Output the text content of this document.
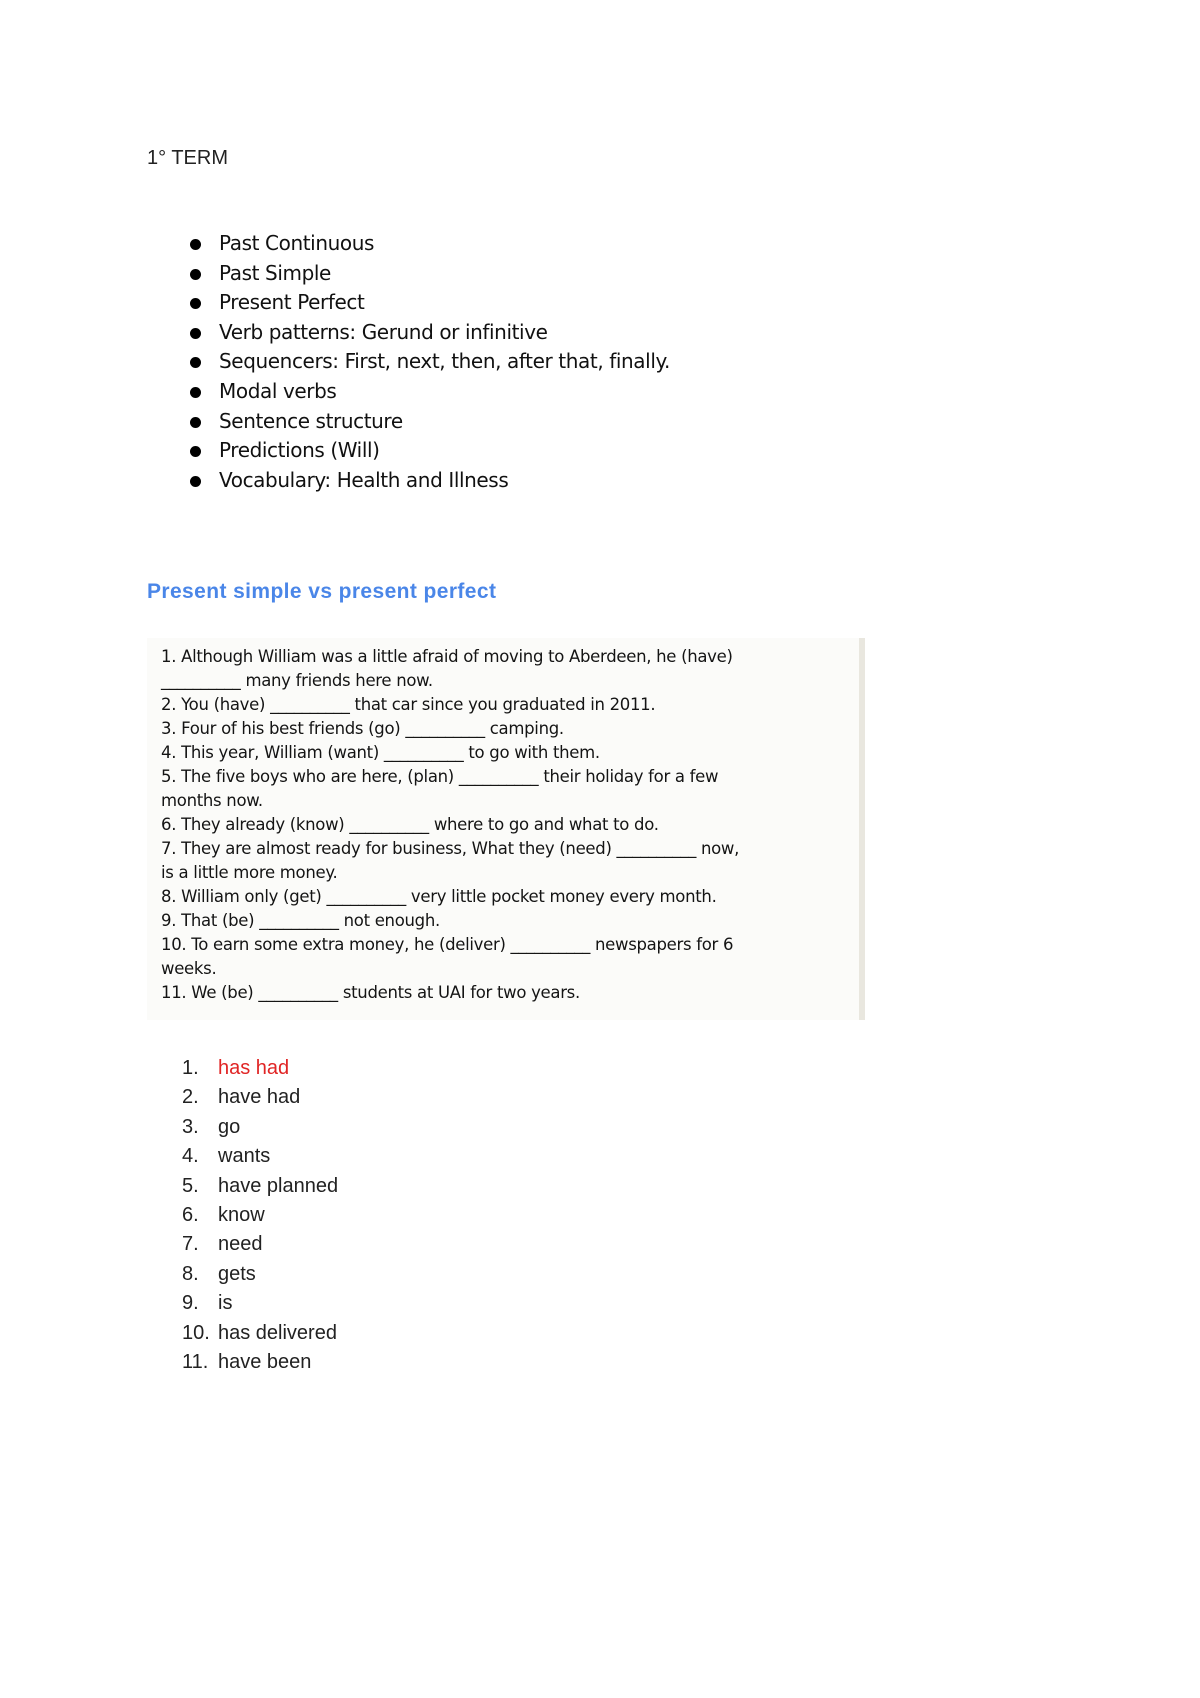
1° TERM
Past Continuous
Past Simple
Present Perfect
Verb patterns: Gerund or infinitive
Sequencers: First, next, then, after that, finally.
Modal verbs
Sentence structure
Predictions (Will)
Vocabulary: Health and Illness
Present simple vs present perfect
1. Although William was a little afraid of moving to Aberdeen, he (have)
__________ many friends here now.
2. You (have) __________ that car since you graduated in 2011.
3. Four of his best friends (go) __________ camping.
4. This year, William (want) __________ to go with them.
5. The five boys who are here, (plan) __________ their holiday for a few
months now.
6. They already (know) __________ where to go and what to do.
7. They are almost ready for business, What they (need) __________ now,
is a little more money.
8. William only (get) __________ very little pocket money every month.
9. That (be) __________ not enough.
10. To earn some extra money, he (deliver) __________ newspapers for 6
weeks.
11. We (be) __________ students at UAI for two years.
1. has had
2. have had
3. go
4. wants
5. have planned
6. know
7. need
8. gets
9. is
10. has delivered
11. have been
